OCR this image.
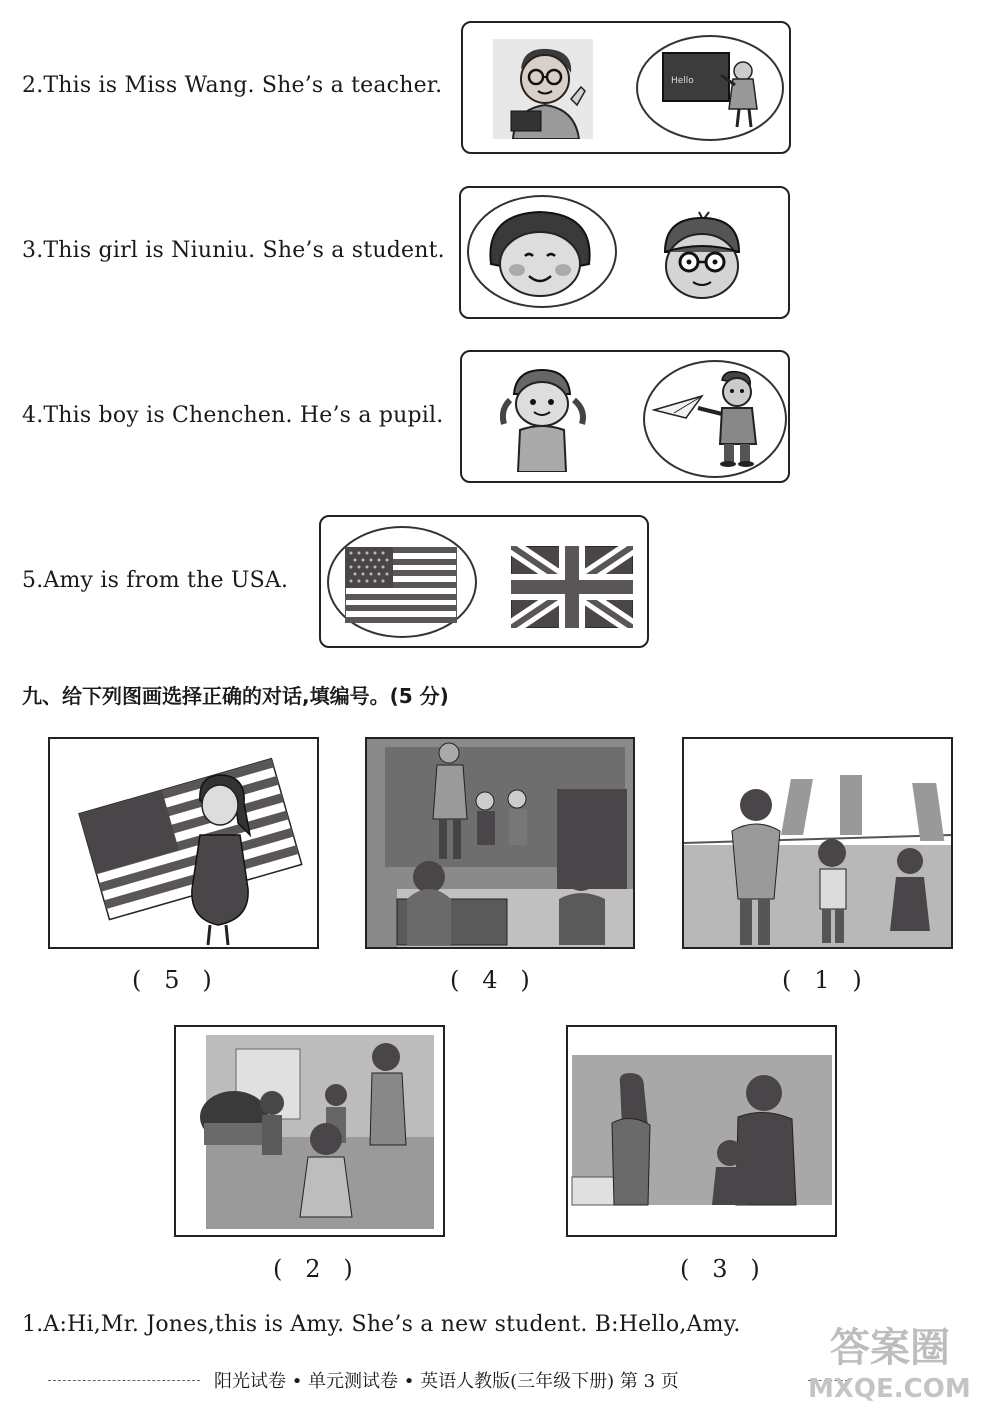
2.This is Miss Wang. She’s a teacher.	Hello
3.This girl is Niuniu. She’s a student.
4.This boy is Chenchen. He’s a pupil.
5.Amy is from the USA.
九、给下列图画选择正确的对话,填编号。(5 分)
(   5   )	(   4   )	(   1   )
(   2   )	(   3   )
1.A:Hi,Mr. Jones,this is Amy. She’s a new student. B:Hello,Amy.
阳光试卷 • 单元测试卷 • 英语人教版(三年级下册) 第 3 页
答案圈
MXQE.COM
